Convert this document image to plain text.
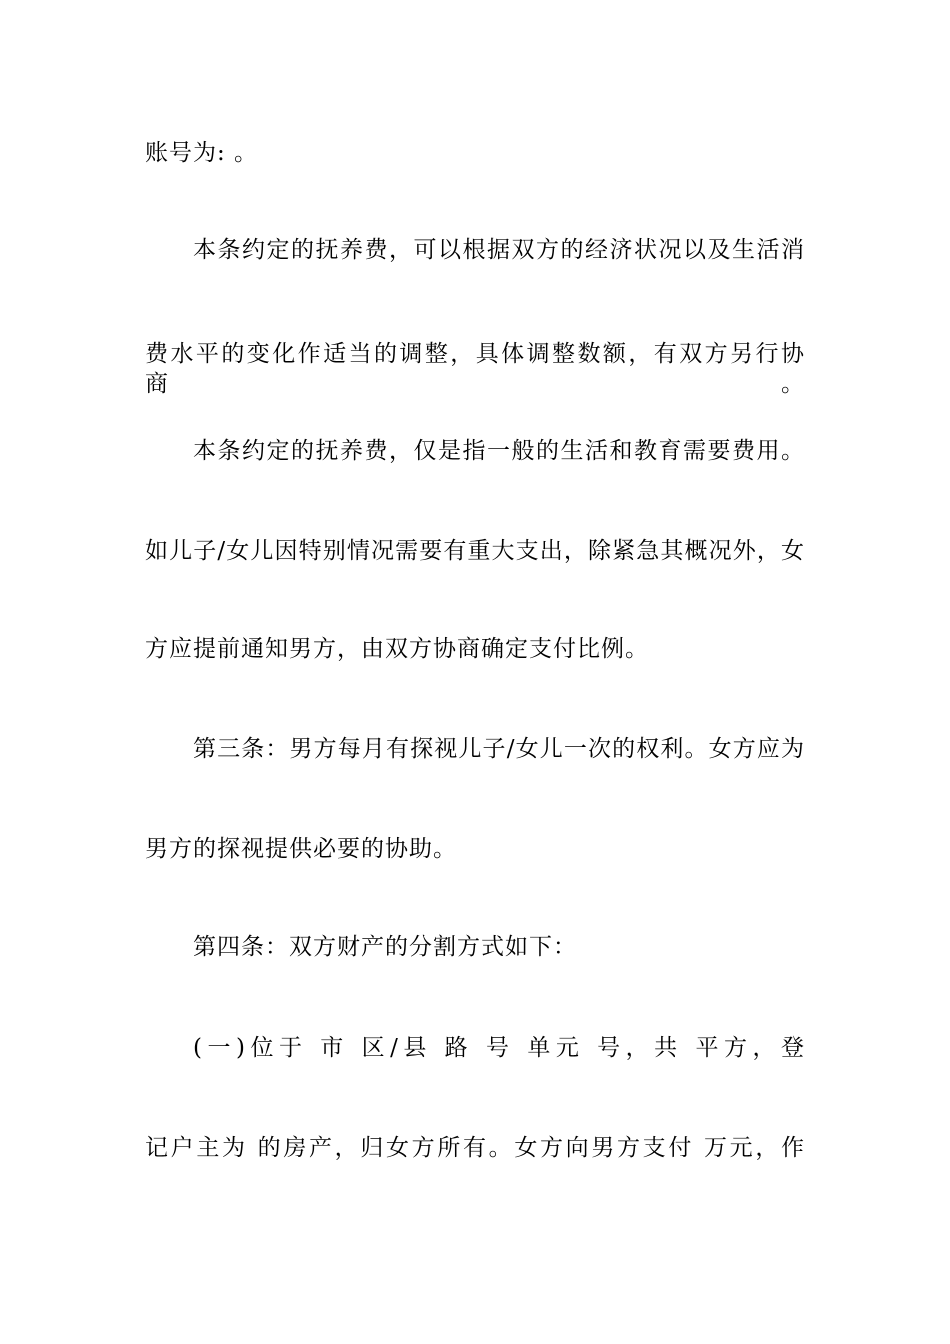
账号为: 。
本条约定的抚养费，可以根据双方的经济状况以及生活消
费水平的变化作适当的调整，具体调整数额，有双方另行协商。
本条约定的抚养费，仅是指一般的生活和教育需要费用。
如儿子/女儿因特别情况需要有重大支出，除紧急其概况外，女
方应提前通知男方，由双方协商确定支付比例。
第三条：男方每月有探视儿子/女儿一次的权利。女方应为
男方的探视提供必要的协助。
第四条：双方财产的分割方式如下：
(一)位于 市 区/县 路 号 单元 号，共 平方，登
记户主为 的房产，归女方所有。女方向男方支付 万元，作
